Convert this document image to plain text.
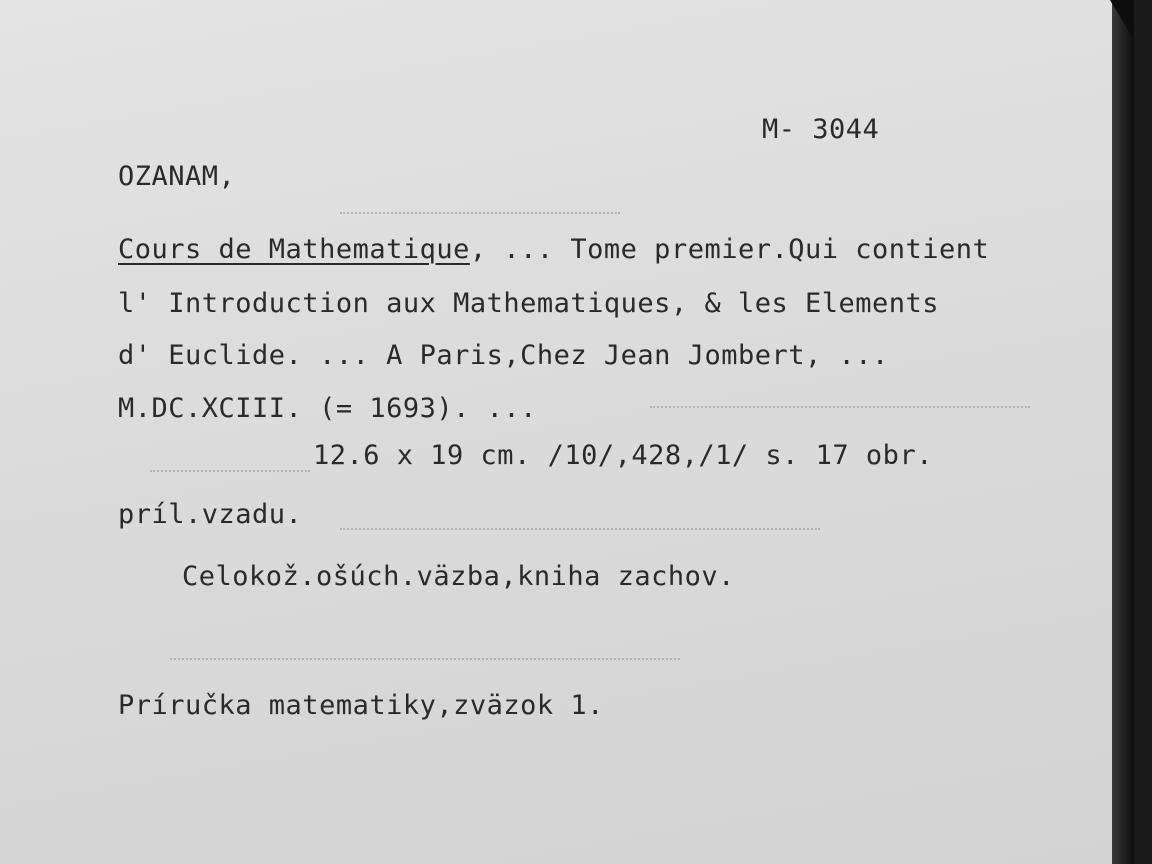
M- 3044
OZANAM,
Cours de Mathematique, ... Tome premier.Qui contient
l' Introduction aux Mathematiques, & les Elements
d' Euclide. ... A Paris,Chez Jean Jombert, ...
M.DC.XCIII. (= 1693). ...
12.6 x 19 cm. /10/,428,/1/ s. 17 obr.
príl.vzadu.
Celokož.ošúch.väzba,kniha zachov.
Príručka matematiky,zväzok 1.
